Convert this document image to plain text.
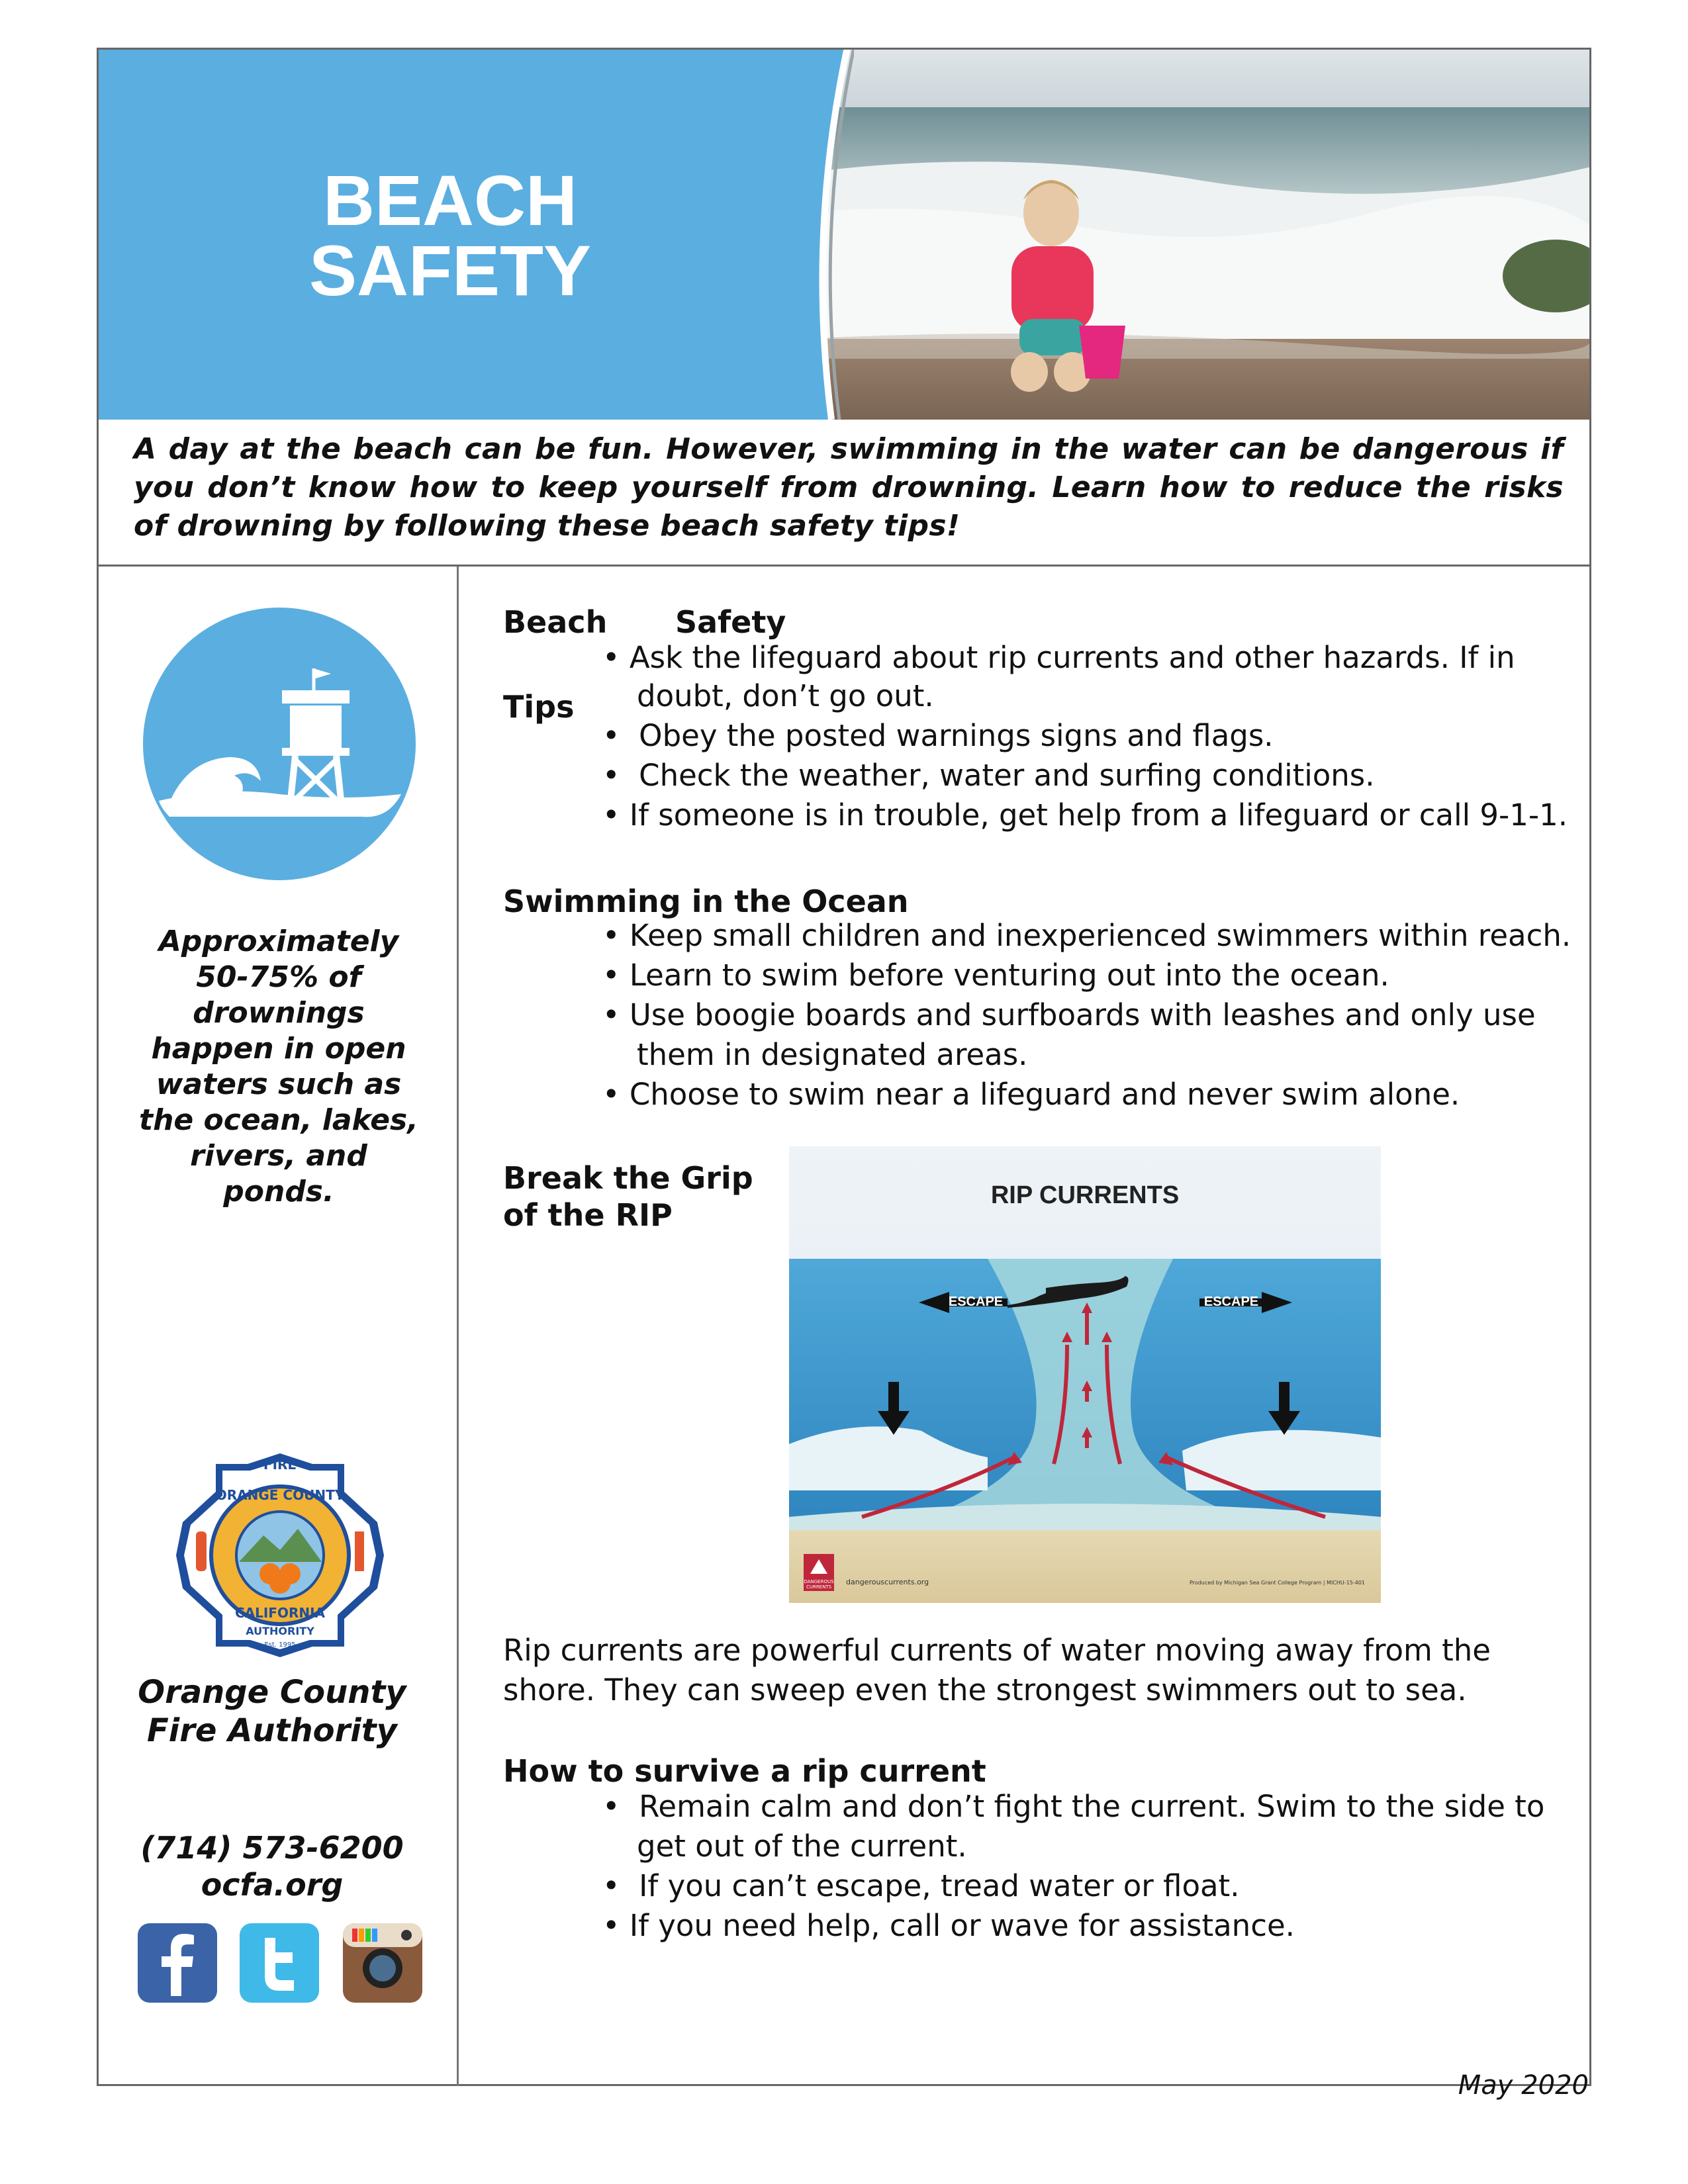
BEACH
SAFETY
A day at the beach can be fun. However, swimming in the water can be dangerous if you don’t know how to keep yourself from drowning. Learn how to reduce the risks of drowning by following these beach safety tips!
Approximately 50-75% of drownings happen in open waters such as the ocean, lakes, rivers, and ponds.
FIRE
ORANGE COUNTY
CALIFORNIA
AUTHORITY
Est. 1995
Orange County
Fire Authority
(714) 573-6200
ocfa.org
Beach Safety
Tips
• Ask the lifeguard about rip currents and other hazards. If in
doubt, don’t go out.
•  Obey the posted warnings signs and flags.
•  Check the weather, water and surfing conditions.
• If someone is in trouble, get help from a lifeguard or call 9-1-1.
Swimming in the Ocean
• Keep small children and inexperienced swimmers within reach.
• Learn to swim before venturing out into the ocean.
• Use boogie boards and surfboards with leashes and only use
them in designated areas.
• Choose to swim near a lifeguard and never swim alone.
Break the Grip
of the RIP
RIP CURRENTS
ESCAPE	ESCAPE
DANGEROUS
CURRENTS
dangerouscurrents.org	Produced by Michigan Sea Grant College Program | MICHU-15-401
Rip currents are powerful currents of water moving away from the
shore. They can sweep even the strongest swimmers out to sea.
How to survive a rip current
•  Remain calm and don’t fight the current. Swim to the side to
get out of the current.
•  If you can’t escape, tread water or float.
• If you need help, call or wave for assistance.
May 2020
